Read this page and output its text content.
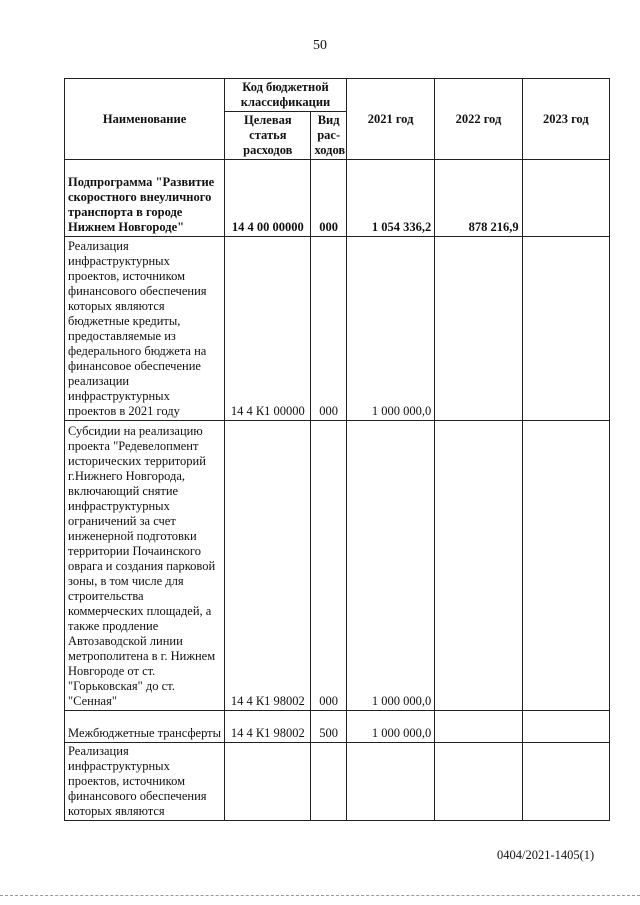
50
Наименование	Код бюджетной классификации		2021 год	2022 год	2023 год
	Целевая статья расходов	Вид рас-ходов			
Подпрограмма "Развитие скоростного внеуличного транспорта в городе Нижнем Новгороде"	14 4 00 00000	000	1 054 336,2	878 216,9	
Реализация инфраструктурных проектов, источником финансового обеспечения которых являются бюджетные кредиты, предоставляемые из федерального бюджета на финансовое обеспечение реализации инфраструктурных проектов в 2021 году	14 4 К1 00000	000	1 000 000,0		
Субсидии на реализацию проекта "Редевелопмент исторических территорий г.Нижнего Новгорода, включающий снятие инфраструктурных ограничений за счет инженерной подготовки территории Почаинского оврага и создания парковой зоны, в том числе для строительства коммерческих площадей, а также продление Автозаводской линии метрополитена в г. Нижнем Новгороде от ст. "Горьковская" до ст. "Сенная"	14 4 К1 98002	000	1 000 000,0		
Межбюджетные трансферты	14 4 К1 98002	500	1 000 000,0		
Реализация инфраструктурных проектов, источником финансового обеспечения которых являются					
0404/2021-1405(1)
